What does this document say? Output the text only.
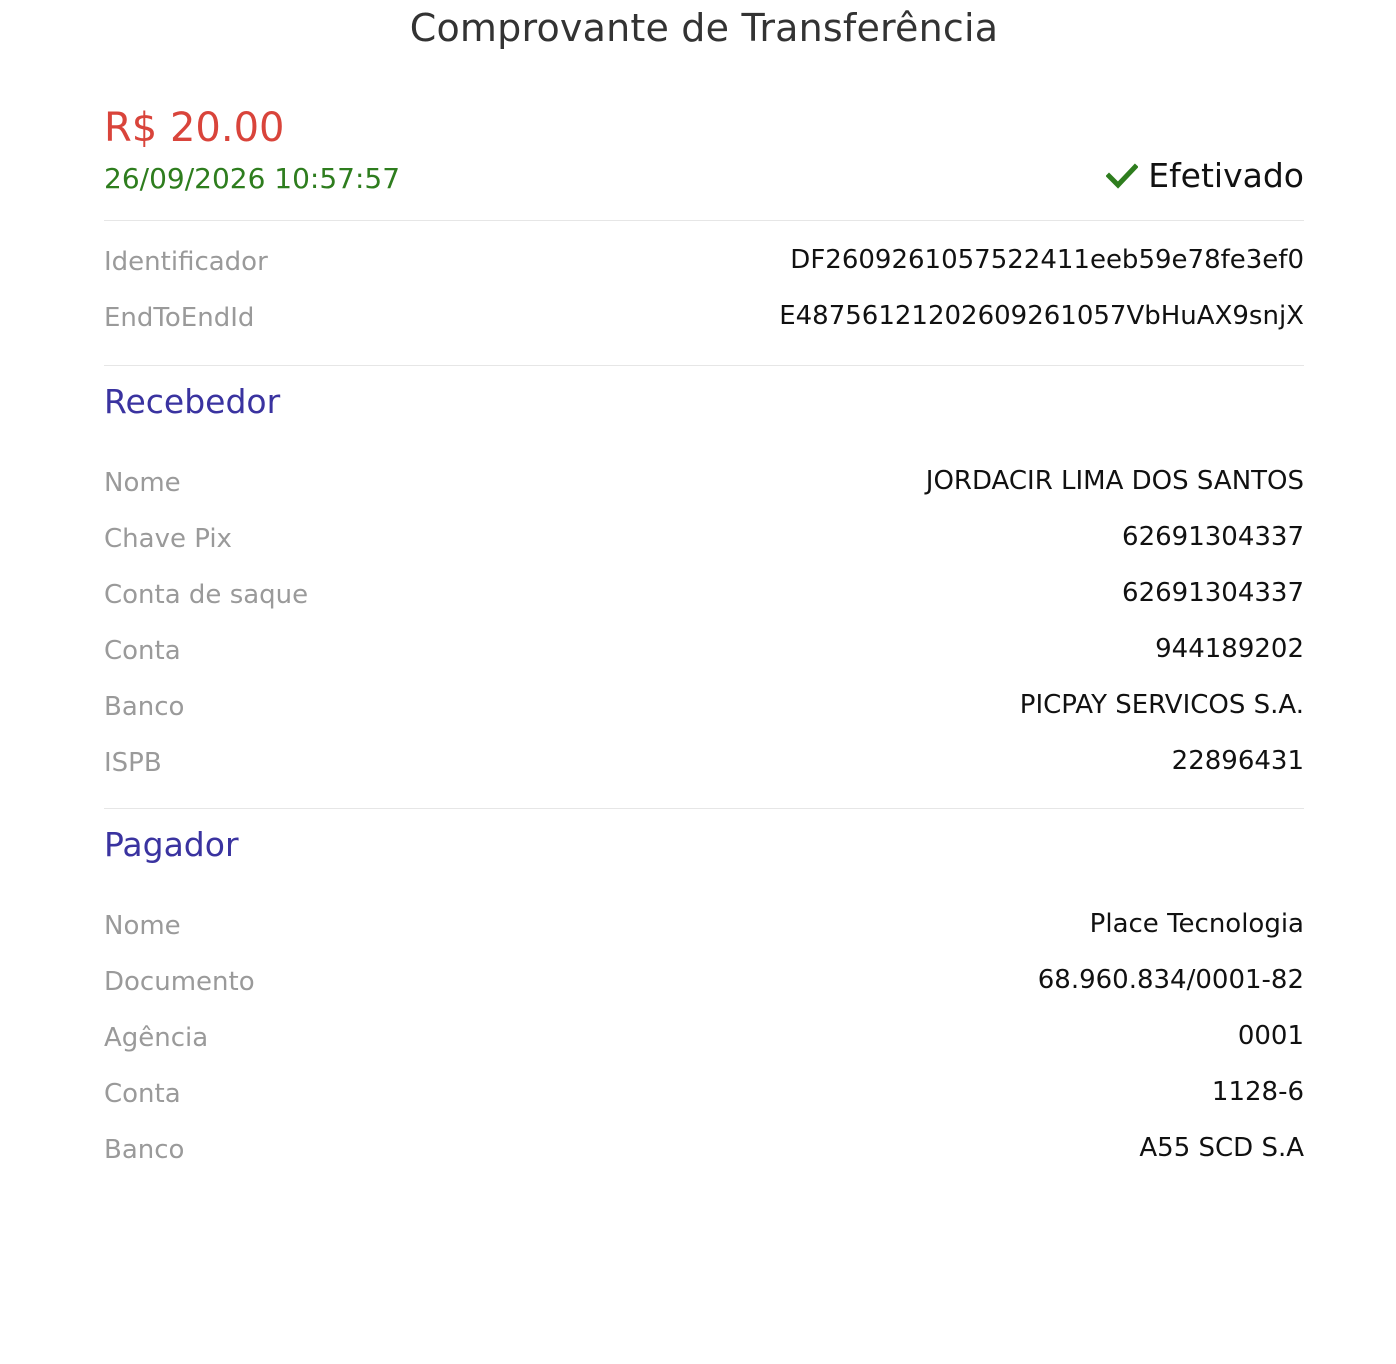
Comprovante de Transferência
R$ 20.00
26/09/2026 10:57:57	Efetivado
Identificador	DF2609261057522411eeb59e78fe3ef0
EndToEndId	E48756121202609261057VbHuAX9snjX
Recebedor
Nome	JORDACIR LIMA DOS SANTOS
Chave Pix	62691304337
Conta de saque	62691304337
Conta	944189202
Banco	PICPAY SERVICOS S.A.
ISPB	22896431
Pagador
Nome	Place Tecnologia
Documento	68.960.834/0001-82
Agência	0001
Conta	1128-6
Banco	A55 SCD S.A
